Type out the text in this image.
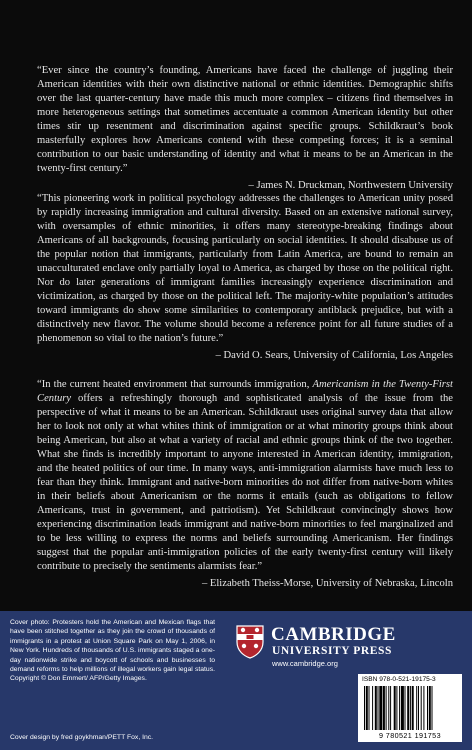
“Ever since the country’s founding, Americans have faced the challenge of juggling their American identities with their own distinctive national or ethnic identities. Demographic shifts over the last quarter-century have made this much more complex – citizens find themselves in more heterogeneous settings that sometimes accentuate a common American identity but other times stir up resentment and discrimination against specific groups. Schildkraut’s book masterfully explores how Americans contend with these competing forces; it is a seminal contribution to our basic understanding of identity and what it means to be an American in the twenty-first century.”

– James N. Druckman, Northwestern University

“This pioneering work in political psychology addresses the challenges to American unity posed by rapidly increasing immigration and cultural diversity. Based on an extensive national survey, with oversamples of ethnic minorities, it offers many stereotype-breaking findings about Americans of all backgrounds, focusing particularly on social identities. It should disabuse us of the popular notion that immigrants, particularly from Latin America, are bound to remain an unacculturated enclave only partially loyal to America, as charged by those on the political right. Nor do later generations of immigrant families increasingly experience discrimination and victimization, as charged by those on the political left. The majority-white population’s attitudes toward immigrants do show some similarities to contemporary antiblack prejudice, but with a distinctively new flavor. The volume should become a reference point for all future studies of a phenomenon so vital to the nation’s future.”

– David O. Sears, University of California, Los Angeles

“In the current heated environment that surrounds immigration, Americanism in the Twenty-First Century offers a refreshingly thorough and sophisticated analysis of the issue from the perspective of what it means to be an American. Schildkraut uses original survey data that allow her to look not only at what whites think of immigration or at what minority groups think about being American, but also at what a variety of racial and ethnic groups think of the two together. What she finds is incredibly important to anyone interested in American identity, immigration, and the heated politics of our time. In many ways, anti-immigration alarmists have much less to fear than they think. Immigrant and native-born minorities do not differ from native-born whites in their beliefs about Americanism or the norms it entails (such as obligations to fellow Americans, trust in government, and patriotism). Yet Schildkraut convincingly shows how experiencing discrimination leads immigrant and native-born minorities to feel marginalized and to be less willing to express the norms and beliefs surrounding Americanism. Her findings suggest that the popular anti-immigration policies of the early twenty-first century will likely contribute to precisely the sentiments alarmists fear.”

– Elizabeth Theiss-Morse, University of Nebraska, Lincoln

Cover photo: Protesters hold the American and Mexican flags that have been stitched together as they join the crowd of thousands of immigrants in a protest at Union Square Park on May 1, 2006, in New York. Hundreds of thousands of U.S. immigrants staged a one-day nationwide strike and boycott of schools and businesses to demand reforms to help millions of illegal workers gain legal status. Copyright © Don Emmert/ AFP/Getty Images.

Cover design by fred goykhman/PETT Fox, Inc.

CAMBRIDGE
UNIVERSITY PRESS
www.cambridge.org
ISBN 978-0-521-19175-3
9 780521 191753
